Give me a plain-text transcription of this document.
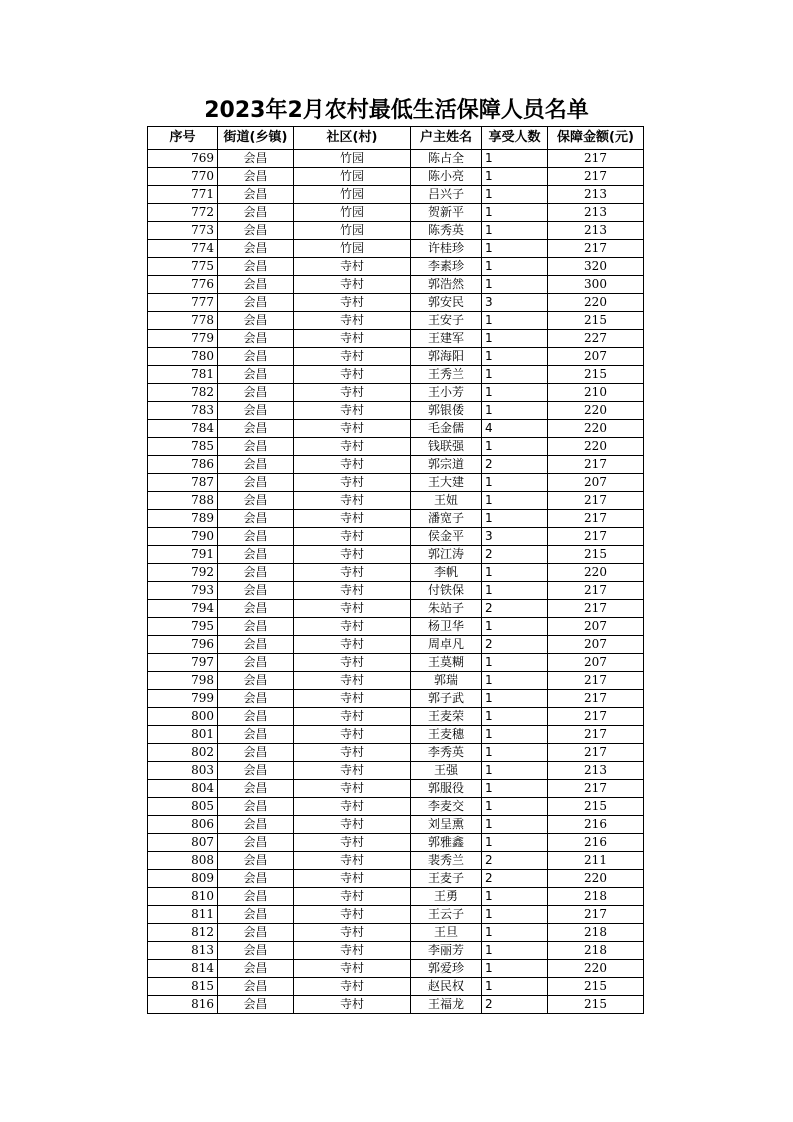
2023年2月农村最低生活保障人员名单
序号	街道(乡镇)	社区(村)	户主姓名	享受人数	保障金额(元)
769	会昌	竹园	陈占全	1	217
770	会昌	竹园	陈小亮	1	217
771	会昌	竹园	吕兴子	1	213
772	会昌	竹园	贺新平	1	213
773	会昌	竹园	陈秀英	1	213
774	会昌	竹园	许桂珍	1	217
775	会昌	寺村	李素珍	1	320
776	会昌	寺村	郭浩然	1	300
777	会昌	寺村	郭安民	3	220
778	会昌	寺村	王安子	1	215
779	会昌	寺村	王建军	1	227
780	会昌	寺村	郭海阳	1	207
781	会昌	寺村	王秀兰	1	215
782	会昌	寺村	王小芳	1	210
783	会昌	寺村	郭银倭	1	220
784	会昌	寺村	毛金儒	4	220
785	会昌	寺村	钱联强	1	220
786	会昌	寺村	郭宗道	2	217
787	会昌	寺村	王大建	1	207
788	会昌	寺村	王妞	1	217
789	会昌	寺村	潘宽子	1	217
790	会昌	寺村	侯金平	3	217
791	会昌	寺村	郭江涛	2	215
792	会昌	寺村	李帆	1	220
793	会昌	寺村	付铁保	1	217
794	会昌	寺村	朱站子	2	217
795	会昌	寺村	杨卫华	1	207
796	会昌	寺村	周卓凡	2	207
797	会昌	寺村	王莫糊	1	207
798	会昌	寺村	郭瑞	1	217
799	会昌	寺村	郭子武	1	217
800	会昌	寺村	王麦荣	1	217
801	会昌	寺村	王麦穗	1	217
802	会昌	寺村	李秀英	1	217
803	会昌	寺村	王强	1	213
804	会昌	寺村	郭服役	1	217
805	会昌	寺村	李麦交	1	215
806	会昌	寺村	刘呈熏	1	216
807	会昌	寺村	郭雅鑫	1	216
808	会昌	寺村	裴秀兰	2	211
809	会昌	寺村	王麦子	2	220
810	会昌	寺村	王勇	1	218
811	会昌	寺村	王云子	1	217
812	会昌	寺村	王旦	1	218
813	会昌	寺村	李丽芳	1	218
814	会昌	寺村	郭爱珍	1	220
815	会昌	寺村	赵民权	1	215
816	会昌	寺村	王福龙	2	215
